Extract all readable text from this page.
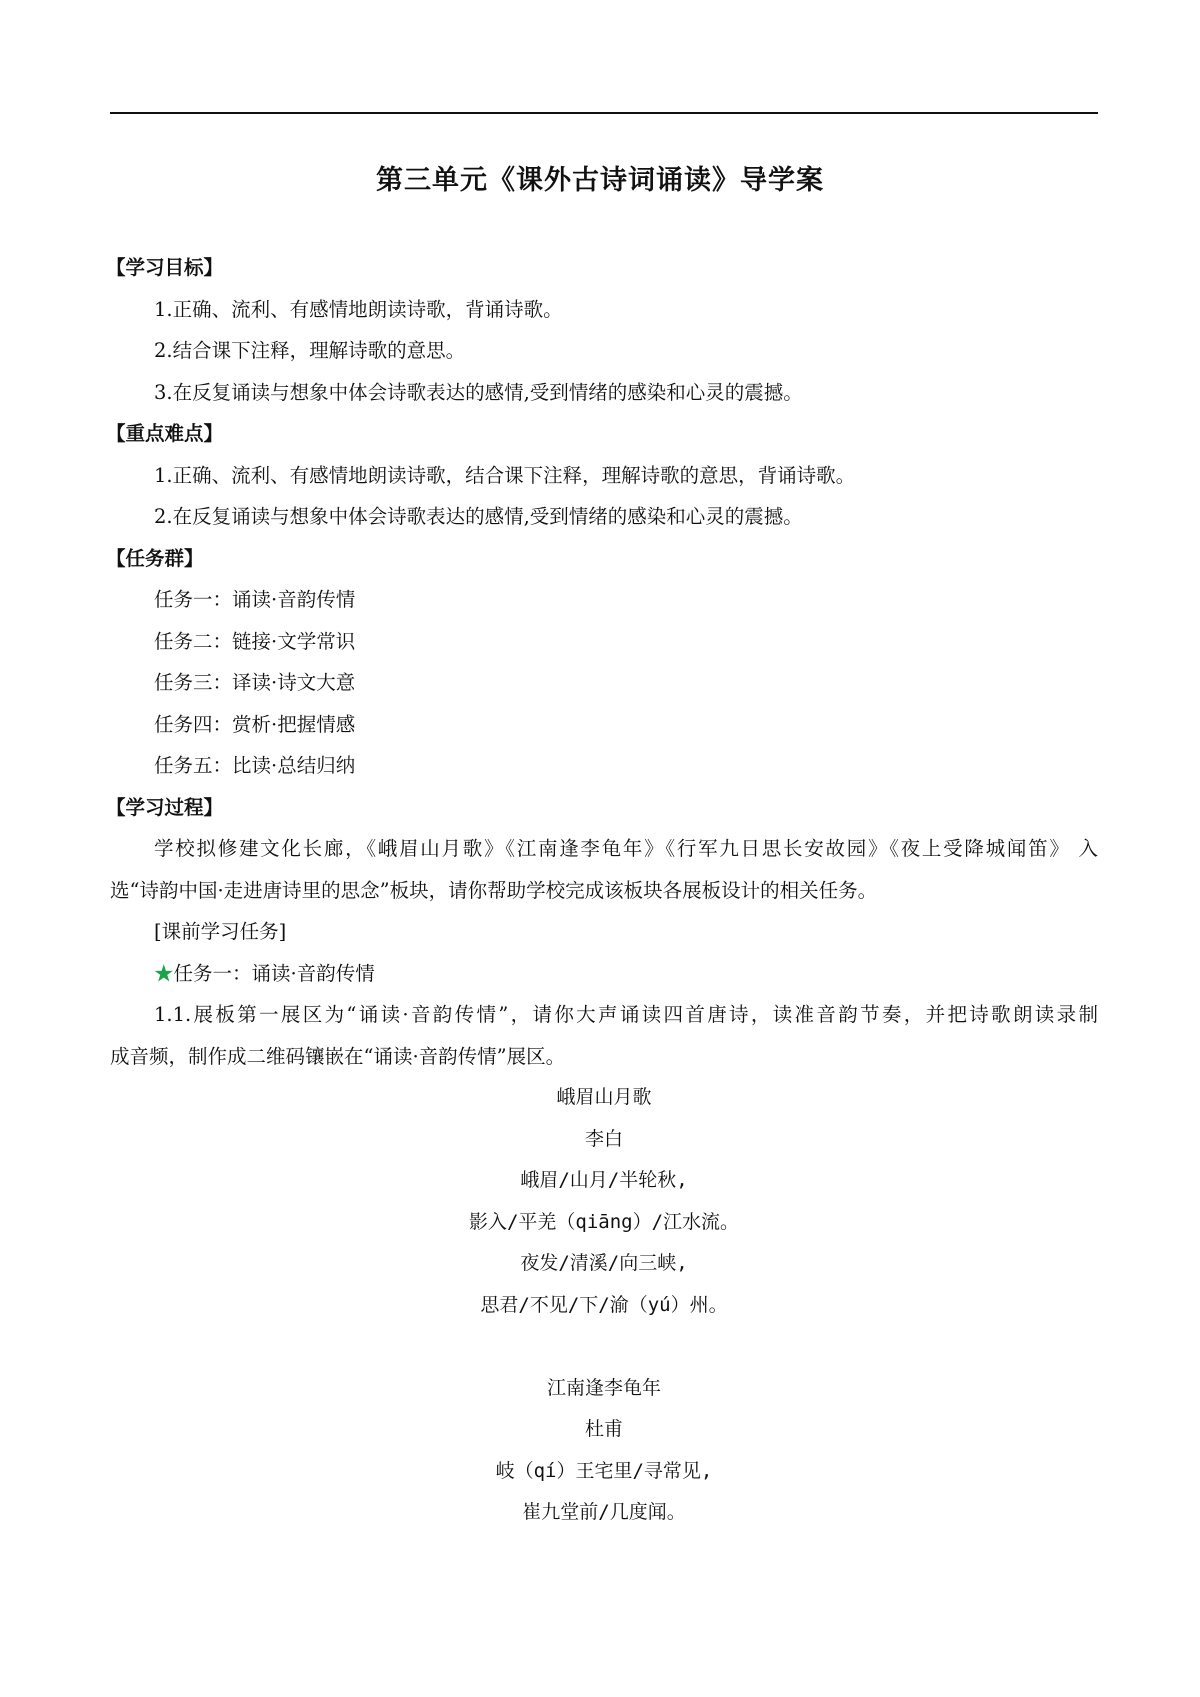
第三单元《课外古诗词诵读》导学案
【学习目标】
1.正确、流利、有感情地朗读诗歌，背诵诗歌。
2.结合课下注释，理解诗歌的意思。
3.在反复诵读与想象中体会诗歌表达的感情,受到情绪的感染和心灵的震撼。
【重点难点】
1.正确、流利、有感情地朗读诗歌，结合课下注释，理解诗歌的意思，背诵诗歌。
2.在反复诵读与想象中体会诗歌表达的感情,受到情绪的感染和心灵的震撼。
【任务群】
任务一：诵读·音韵传情
任务二：链接·文学常识
任务三：译读·诗文大意
任务四：赏析·把握情感
任务五：比读·总结归纳
【学习过程】
学校拟修建文化长廊，《峨眉山月歌》《江南逢李龟年》《行军九日思长安故园》《夜上受降城闻笛》 入
选“诗韵中国·走进唐诗里的思念”板块，请你帮助学校完成该板块各展板设计的相关任务。
[课前学习任务]
★任务一：诵读·音韵传情
1.1.展板第一展区为“诵读·音韵传情”，请你大声诵读四首唐诗，读准音韵节奏，并把诗歌朗读录制
成音频，制作成二维码镶嵌在“诵读·音韵传情”展区。
峨眉山月歌
李白
峨眉/山月/半轮秋,
影入/平羌（qiāng）/江水流。
夜发/清溪/向三峡,
思君/不见/下/渝（yú）州。
江南逢李龟年
杜甫
岐（qí）王宅里/寻常见,
崔九堂前/几度闻。
